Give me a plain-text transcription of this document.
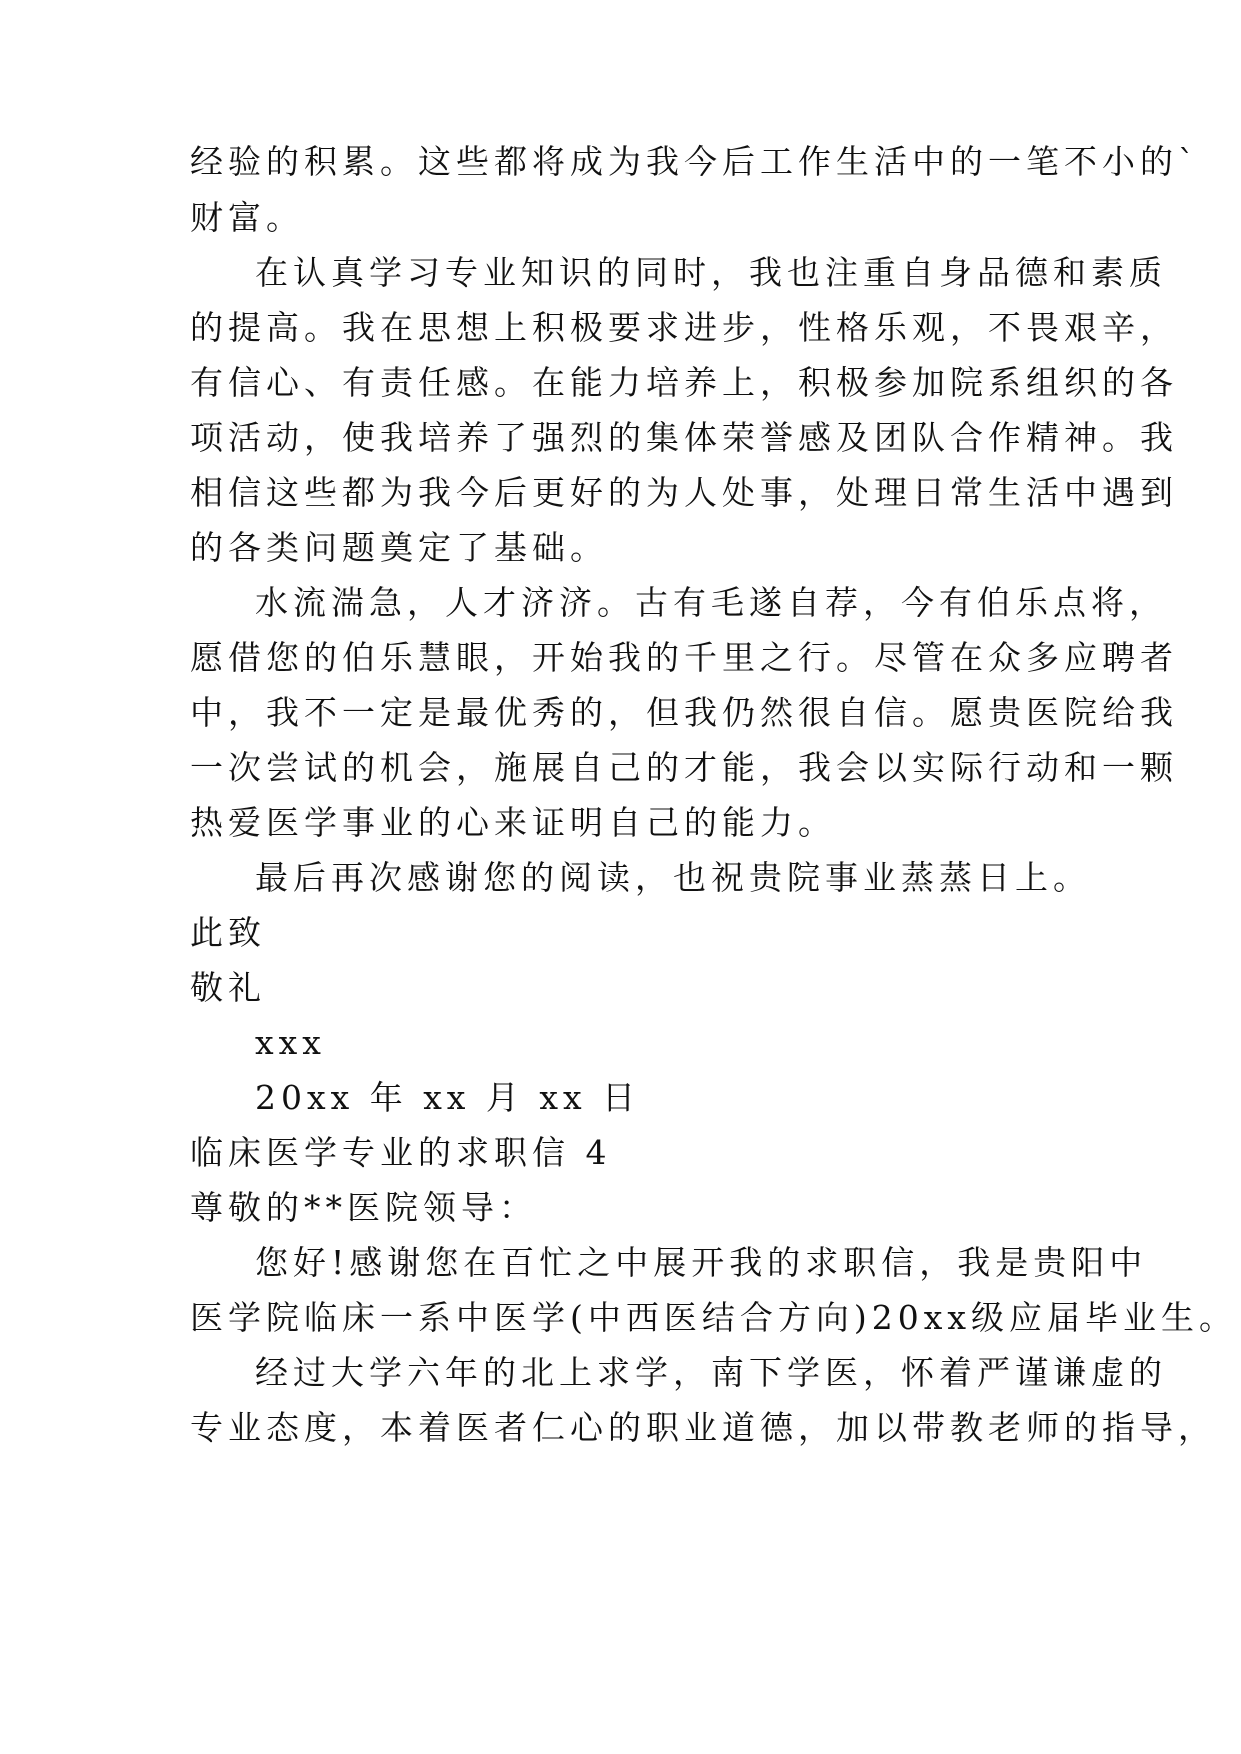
经验的积累。这些都将成为我今后工作生活中的一笔不小的`
财富。
在认真学习专业知识的同时，我也注重自身品德和素质
的提高。我在思想上积极要求进步，性格乐观，不畏艰辛，
有信心、有责任感。在能力培养上，积极参加院系组织的各
项活动，使我培养了强烈的集体荣誉感及团队合作精神。我
相信这些都为我今后更好的为人处事，处理日常生活中遇到
的各类问题奠定了基础。
水流湍急，人才济济。古有毛遂自荐，今有伯乐点将，
愿借您的伯乐慧眼，开始我的千里之行。尽管在众多应聘者
中，我不一定是最优秀的，但我仍然很自信。愿贵医院给我
一次尝试的机会，施展自己的才能，我会以实际行动和一颗
热爱医学事业的心来证明自己的能力。
最后再次感谢您的阅读，也祝贵院事业蒸蒸日上。
此致
敬礼
xxx
20xx 年 xx 月 xx 日
临床医学专业的求职信 4
尊敬的**医院领导：
您好!感谢您在百忙之中展开我的求职信，我是贵阳中
医学院临床一系中医学(中西医结合方向)20xx级应届毕业生。
经过大学六年的北上求学，南下学医，怀着严谨谦虚的
专业态度，本着医者仁心的职业道德，加以带教老师的指导，
